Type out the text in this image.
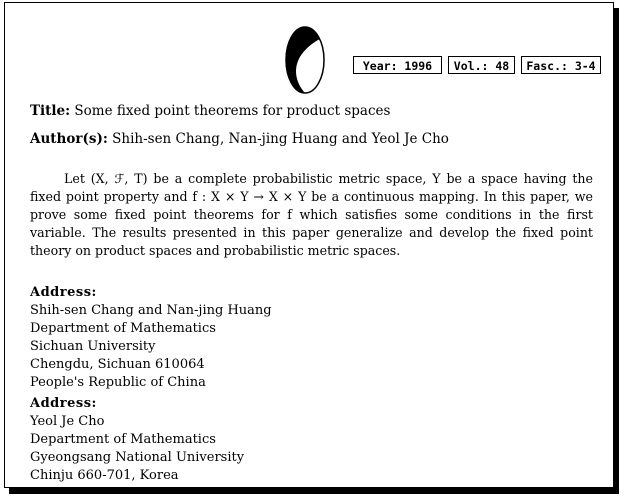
Year: 1996	Vol.: 48	Fasc.: 3-4
Title: Some fixed point theorems for product spaces
Author(s): Shih-sen Chang, Nan-jing Huang and Yeol Je Cho
Let (X, ℱ, T) be a complete probabilistic metric space, Y be a space having the fixed point property and f : X × Y → X × Y be a continuous mapping. In this paper, we prove some fixed point theorems for f which satisfies some conditions in the first variable. The results presented in this paper generalize and develop the fixed point theory on product spaces and probabilistic metric spaces.
Address:
Shih-sen Chang and Nan-jing Huang
Department of Mathematics
Sichuan University
Chengdu, Sichuan 610064
People's Republic of China
Address:
Yeol Je Cho
Department of Mathematics
Gyeongsang National University
Chinju 660-701, Korea
